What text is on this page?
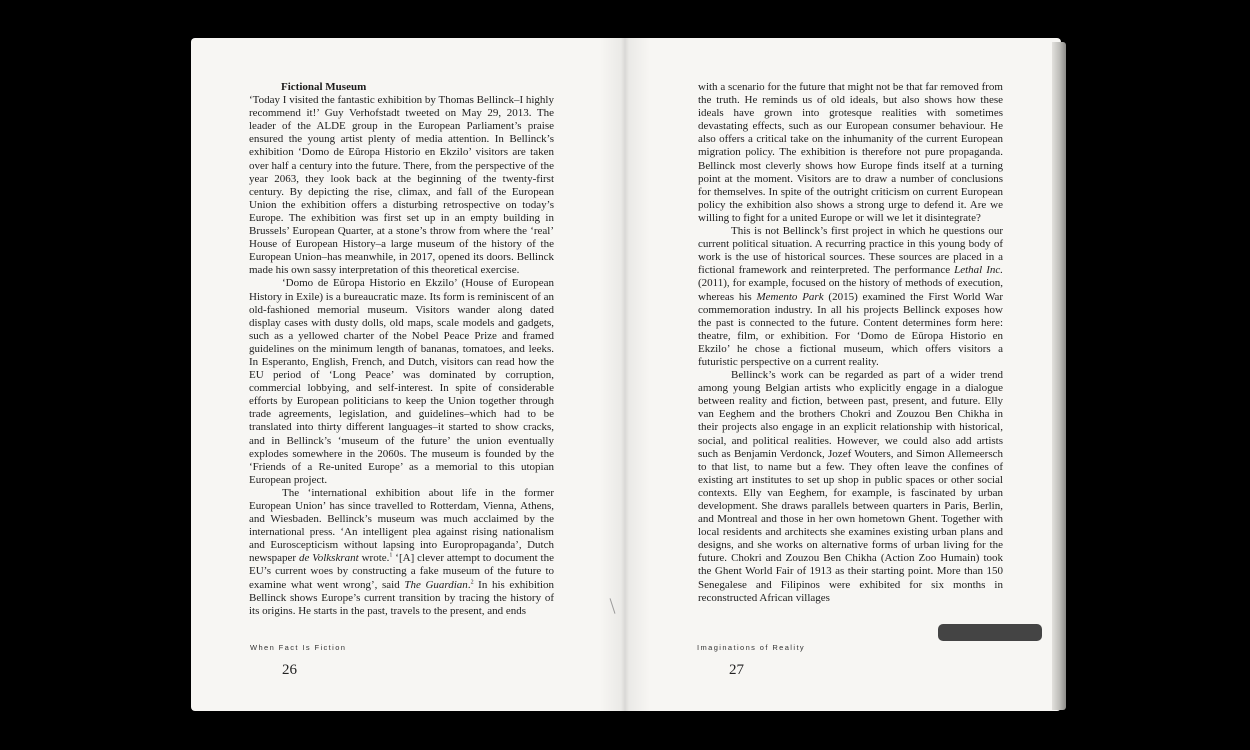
Fictional Museum

‘Today I visited the fantastic exhibition by Thomas Bellinck–I highly recommend it!’ Guy Verhofstadt tweeted on May 29, 2013. The leader of the ALDE group in the European Parliament’s praise ensured the young artist plenty of media attention. In Bellinck’s exhibition ‘Domo de Eŭropa Historio en Ekzilo’ visitors are taken over half a century into the future. There, from the perspective of the year 2063, they look back at the beginning of the twenty-first century. By depicting the rise, climax, and fall of the European Union the exhibition offers a disturbing retrospective on today’s Europe. The exhibition was first set up in an empty building in Brussels’ European Quarter, at a stone’s throw from where the ‘real’ House of European History–a large museum of the history of the European Union–has meanwhile, in 2017, opened its doors. Bellinck made his own sassy interpretation of this theoretical exercise.

‘Domo de Eŭropa Historio en Ekzilo’ (House of European History in Exile) is a bureaucratic maze. Its form is reminiscent of an old-fashioned memorial museum. Visitors wander along dated display cases with dusty dolls, old maps, scale models and gadgets, such as a yellowed charter of the Nobel Peace Prize and framed guidelines on the minimum length of bananas, tomatoes, and leeks. In Esperanto, English, French, and Dutch, visitors can read how the EU period of ‘Long Peace’ was dominated by corruption, commercial lobbying, and self-interest. In spite of considerable efforts by European politicians to keep the Union together through trade agreements, legislation, and guidelines–which had to be translated into thirty different languages–it started to show cracks, and in Bellinck’s ‘museum of the future’ the union eventually explodes somewhere in the 2060s. The museum is founded by the ‘Friends of a Re-united Europe’ as a memorial to this utopian European project.

The ‘international exhibition about life in the former European Union’ has since travelled to Rotterdam, Vienna, Athens, and Wiesbaden. Bellinck’s museum was much acclaimed by the international press. ‘An intelligent plea against rising nationalism and Euroscepticism without lapsing into Europropaganda’, Dutch newspaper de Volkskrant wrote.$^1$ ‘[A] clever attempt to document the EU’s current woes by constructing a fake museum of the future to examine what went wrong’, said The Guardian.$^2$ In his exhibition Bellinck shows Europe’s current transition by tracing the history of its origins. He starts in the past, travels to the present, and ends

with a scenario for the future that might not be that far removed from the truth. He reminds us of old ideals, but also shows how these ideals have grown into grotesque realities with sometimes devastating effects, such as our European consumer behaviour. He also offers a critical take on the inhumanity of the current European migration policy. The exhibition is therefore not pure propaganda. Bellinck most cleverly shows how Europe finds itself at a turning point at the moment. Visitors are to draw a number of conclusions for themselves. In spite of the outright criticism on current European policy the exhibition also shows a strong urge to defend it. Are we willing to fight for a united Europe or will we let it disintegrate?

This is not Bellinck’s first project in which he questions our current political situation. A recurring practice in this young body of work is the use of historical sources. These sources are placed in a fictional framework and reinterpreted. The performance Lethal Inc. (2011), for example, focused on the history of methods of execution, whereas his Memento Park (2015) examined the First World War commemoration industry. In all his projects Bellinck exposes how the past is connected to the future. Content determines form here: theatre, film, or exhibition. For ‘Domo de Eŭropa Historio en Ekzilo’ he chose a fictional museum, which offers visitors a futuristic perspective on a current reality.

Bellinck’s work can be regarded as part of a wider trend among young Belgian artists who explicitly engage in a dialogue between reality and fiction, between past, present, and future. Elly van Eeghem and the brothers Chokri and Zouzou Ben Chikha in their projects also engage in an explicit relationship with historical, social, and political realities. However, we could also add artists such as Benjamin Verdonck, Jozef Wouters, and Simon Allemeersch to that list, to name but a few. They often leave the confines of existing art institutes to set up shop in public spaces or other social contexts. Elly van Eeghem, for example, is fascinated by urban development. She draws parallels between quarters in Paris, Berlin, and Montreal and those in her own hometown Ghent. Together with local residents and architects she examines existing urban plans and designs, and she works on alternative forms of urban living for the future. Chokri and Zouzou Ben Chikha (Action Zoo Humain) took the Ghent World Fair of 1913 as their starting point. More than 150 Senegalese and Filipinos were exhibited for six months in reconstructed African villages

When Fact Is Fiction
26
Imaginations of Reality
27
